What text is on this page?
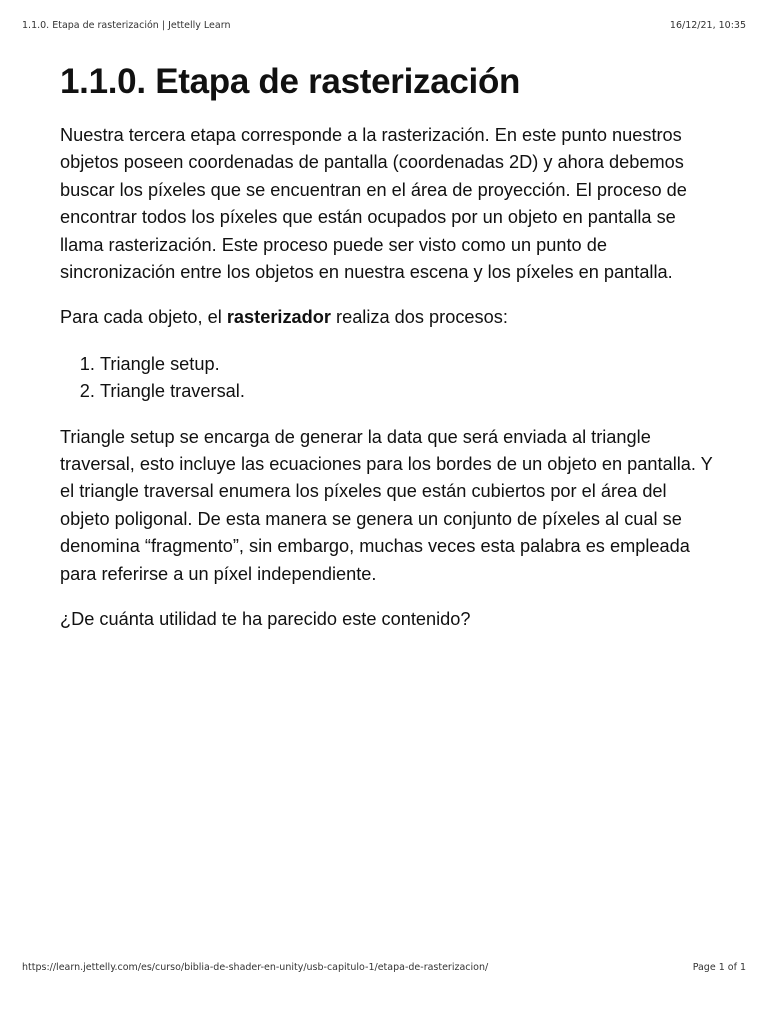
1.1.0. Etapa de rasterización | Jettelly Learn	16/12/21, 10:35
1.1.0. Etapa de rasterización

Nuestra tercera etapa corresponde a la rasterización. En este punto nuestros objetos poseen coordenadas de pantalla (coordenadas 2D) y ahora debemos buscar los píxeles que se encuentran en el área de proyección. El proceso de encontrar todos los píxeles que están ocupados por un objeto en pantalla se llama rasterización. Este proceso puede ser visto como un punto de sincronización entre los objetos en nuestra escena y los píxeles en pantalla.

Para cada objeto, el rasterizador realiza dos procesos:

1. Triangle setup.
2. Triangle traversal.

Triangle setup se encarga de generar la data que será enviada al triangle traversal, esto incluye las ecuaciones para los bordes de un objeto en pantalla. Y el triangle traversal enumera los píxeles que están cubiertos por el área del objeto poligonal. De esta manera se genera un conjunto de píxeles al cual se denomina “fragmento”, sin embargo, muchas veces esta palabra es empleada para referirse a un píxel independiente.

¿De cuánta utilidad te ha parecido este contenido?

https://learn.jettelly.com/es/curso/biblia-de-shader-en-unity/usb-capitulo-1/etapa-de-rasterizacion/	Page 1 of 1
